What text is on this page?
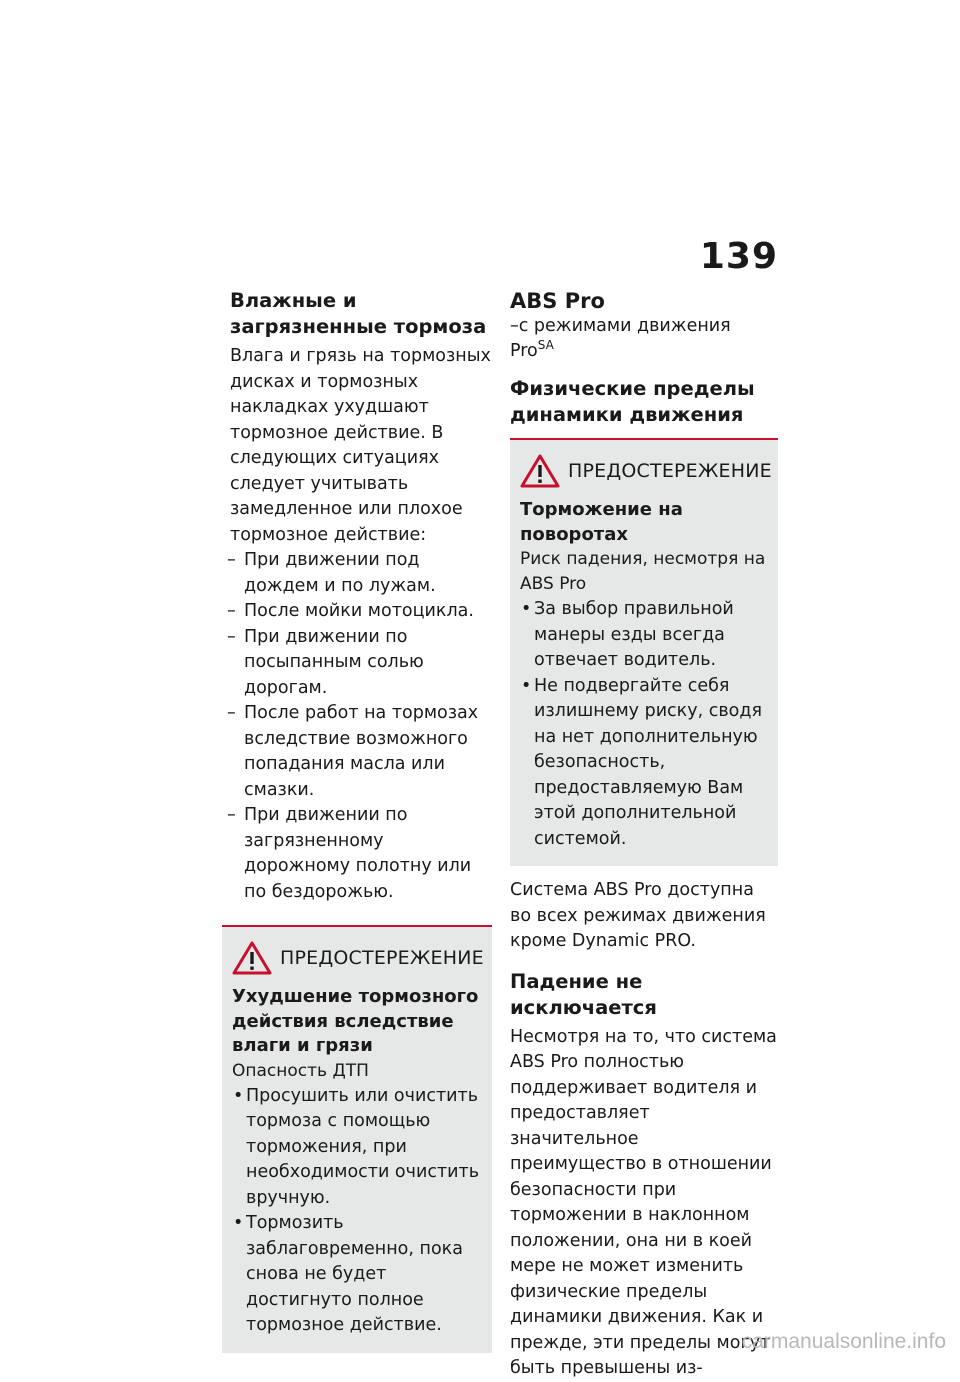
139
Влажные и загрязненные тормоза

Влага и грязь на тормозных дисках и тормозных накладках ухудшают тормозное действие. В следующих ситуациях следует учитывать замедленное или плохое тормозное действие:

– При движении под дождем и по лужам.
– После мойки мотоцикла.
– При движении по посыпанным солью дорогам.
– После работ на тормозах вследствие возможного попадания масла или смазки.
– При движении по загрязненному дорожному полотну или по бездорожью.
ПРЕДОСТЕРЕЖЕНИЕ
Ухудшение тормозного действия вследствие влаги и грязи

Опасность ДТП

• Просушить или очистить тормоза с помощью торможения, при необходимости очистить вручную.
• Тормозить заблаговременно, пока снова не будет достигнуто полное тормозное действие.
ABS Pro
–с режимами движения Pro$^{SA}$
Физические пределы динамики движения
ПРЕДОСТЕРЕЖЕНИЕ
Торможение на поворотах

Риск падения, несмотря на ABS Pro

• За выбор правильной манеры езды всегда отвечает водитель.
• Не подвергайте себя излишнему риску, сводя на нет дополнительную безопасность, предоставляемую Вам этой дополнительной системой.

Система ABS Pro доступна во всех режимах движения кроме Dynamic PRO.

Падение не исключается

Несмотря на то, что система ABS Pro полностью поддерживает водителя и предоставляет значительное преимущество в отношении безопасности при торможении в наклонном положении, она ни в коей мере не может изменить физические пределы динамики движения. Как и прежде, эти пределы могут быть превышены из-

carmanualsonline.info
